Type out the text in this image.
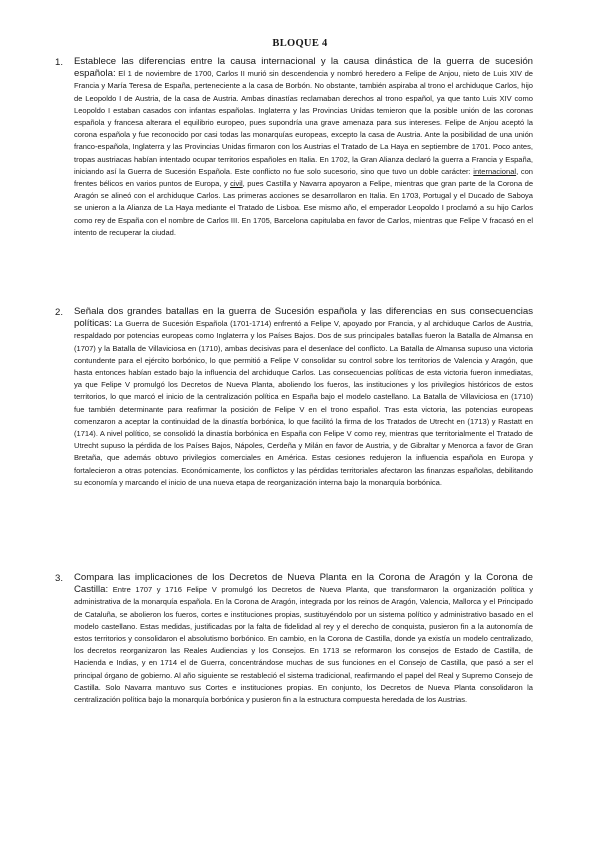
BLOQUE 4
1.	Establece las diferencias entre la causa internacional y la causa dinástica de la guerra de sucesión española: El 1 de noviembre de 1700, Carlos II murió sin descendencia y nombró heredero a Felipe de Anjou, nieto de Luis XIV de Francia y María Teresa de España, perteneciente a la casa de Borbón. No obstante, también aspiraba al trono el archiduque Carlos, hijo de Leopoldo I de Austria, de la casa de Austria. Ambas dinastías reclamaban derechos al trono español, ya que tanto Luis XIV como Leopoldo I estaban casados con infantas españolas. Inglaterra y las Provincias Unidas temieron que la posible unión de las coronas española y francesa alterara el equilibrio europeo, pues supondría una grave amenaza para sus intereses. Felipe de Anjou aceptó la corona española y fue reconocido por casi todas las monarquías europeas, excepto la casa de Austria. Ante la posibilidad de una unión franco-española, Inglaterra y las Provincias Unidas firmaron con los Austrias el Tratado de La Haya en septiembre de 1701. Poco antes, tropas austriacas habían intentado ocupar territorios españoles en Italia. En 1702, la Gran Alianza declaró la guerra a Francia y España, iniciando así la Guerra de Sucesión Española. Este conflicto no fue solo sucesorio, sino que tuvo un doble carácter: internacional, con frentes bélicos en varios puntos de Europa, y civil, pues Castilla y Navarra apoyaron a Felipe, mientras que gran parte de la Corona de Aragón se alineó con el archiduque Carlos. Las primeras acciones se desarrollaron en Italia. En 1703, Portugal y el Ducado de Saboya se unieron a la Alianza de La Haya mediante el Tratado de Lisboa. Ese mismo año, el emperador Leopoldo I proclamó a su hijo Carlos como rey de España con el nombre de Carlos III. En 1705, Barcelona capitulaba en favor de Carlos, mientras que Felipe V fracasó en el intento de recuperar la ciudad.
2.	Señala dos grandes batallas en la guerra de Sucesión española y las diferencias en sus consecuencias políticas: La Guerra de Sucesión Española (1701-1714) enfrentó a Felipe V, apoyado por Francia, y al archiduque Carlos de Austria, respaldado por potencias europeas como Inglaterra y los Países Bajos. Dos de sus principales batallas fueron la Batalla de Almansa en (1707) y la Batalla de Villaviciosa en (1710), ambas decisivas para el desenlace del conflicto. La Batalla de Almansa supuso una victoria contundente para el ejército borbónico, lo que permitió a Felipe V consolidar su control sobre los territorios de Valencia y Aragón, que hasta entonces habían estado bajo la influencia del archiduque Carlos. Las consecuencias políticas de esta victoria fueron inmediatas, ya que Felipe V promulgó los Decretos de Nueva Planta, aboliendo los fueros, las instituciones y los privilegios históricos de estos territorios, lo que marcó el inicio de la centralización política en España bajo el modelo castellano. La Batalla de Villaviciosa en (1710) fue también determinante para reafirmar la posición de Felipe V en el trono español. Tras esta victoria, las potencias europeas comenzaron a aceptar la continuidad de la dinastía borbónica, lo que facilitó la firma de los Tratados de Utrecht en (1713) y Rastatt en (1714). A nivel político, se consolidó la dinastía borbónica en España con Felipe V como rey, mientras que territorialmente el Tratado de Utrecht supuso la pérdida de los Países Bajos, Nápoles, Cerdeña y Milán en favor de Austria, y de Gibraltar y Menorca a favor de Gran Bretaña, que además obtuvo privilegios comerciales en América. Estas cesiones redujeron la influencia española en Europa y fortalecieron a otras potencias. Económicamente, los conflictos y las pérdidas territoriales afectaron las finanzas españolas, debilitando su economía y marcando el inicio de una nueva etapa de reorganización interna bajo la monarquía borbónica.
3.	Compara las implicaciones de los Decretos de Nueva Planta en la Corona de Aragón y la Corona de Castilla: Entre 1707 y 1716 Felipe V promulgó los Decretos de Nueva Planta, que transformaron la organización política y administrativa de la monarquía española. En la Corona de Aragón, integrada por los reinos de Aragón, Valencia, Mallorca y el Principado de Cataluña, se abolieron los fueros, cortes e instituciones propias, sustituyéndolo por un sistema político y administrativo basado en el modelo castellano. Estas medidas, justificadas por la falta de fidelidad al rey y el derecho de conquista, pusieron fin a la autonomía de estos territorios y consolidaron el absolutismo borbónico. En cambio, en la Corona de Castilla, donde ya existía un modelo centralizado, los decretos reorganizaron las Reales Audiencias y los Consejos. En 1713 se reformaron los consejos de Estado de Castilla, de Hacienda e Indias, y en 1714 el de Guerra, concentrándose muchas de sus funciones en el Consejo de Castilla, que pasó a ser el principal órgano de gobierno. Al año siguiente se restableció el sistema tradicional, reafirmando el papel del Real y Supremo Consejo de Castilla. Solo Navarra mantuvo sus Cortes e instituciones propias. En conjunto, los Decretos de Nueva Planta consolidaron la centralización política bajo la monarquía borbónica y pusieron fin a la estructura compuesta heredada de los Austrias.
